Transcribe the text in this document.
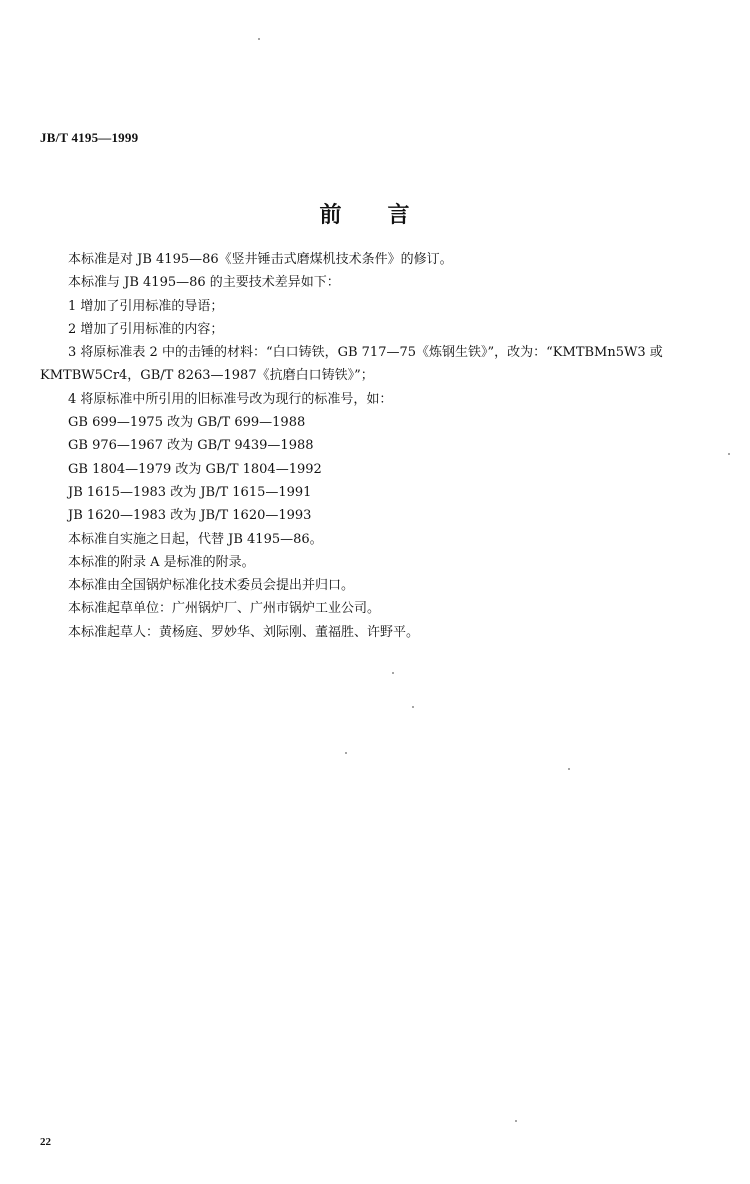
JB/T 4195—1999
前言

本标准是对 JB 4195—86《竖井锤击式磨煤机技术条件》的修订。

本标准与 JB 4195—86 的主要技术差异如下：

1 增加了引用标准的导语；

2 增加了引用标准的内容；

3 将原标准表 2 中的击锤的材料：“白口铸铁，GB 717—75《炼钢生铁》”，改为：“KMTBMn5W3 或 KMTBW5Cr4，GB/T 8263—1987《抗磨白口铸铁》”；

4 将原标准中所引用的旧标准号改为现行的标准号，如：

GB 699—1975 改为 GB/T 699—1988

GB 976—1967 改为 GB/T 9439—1988

GB 1804—1979 改为 GB/T 1804—1992

JB 1615—1983 改为 JB/T 1615—1991

JB 1620—1983 改为 JB/T 1620—1993

本标准自实施之日起，代替 JB 4195—86。

本标准的附录 A 是标准的附录。

本标准由全国锅炉标准化技术委员会提出并归口。

本标准起草单位：广州锅炉厂、广州市锅炉工业公司。

本标准起草人：黄杨庭、罗妙华、刘际刚、董福胜、许野平。

22
